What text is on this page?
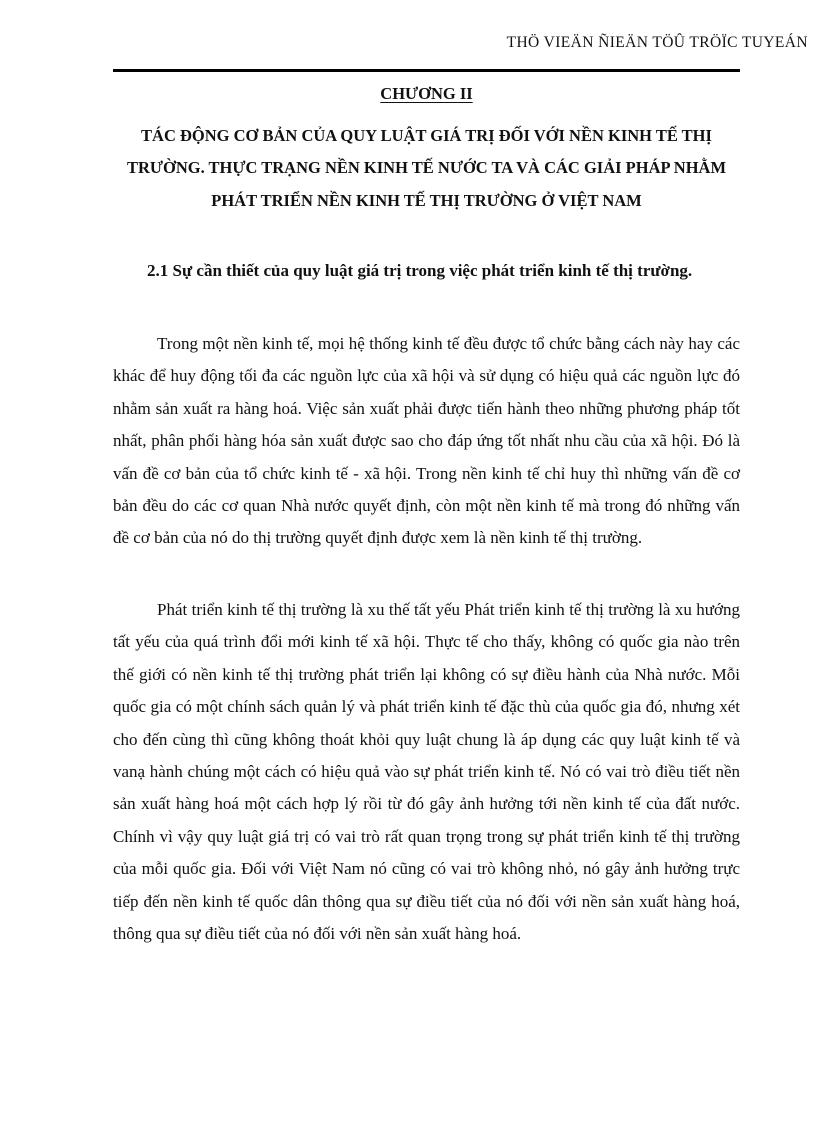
THÖ VIEÄN ÑIEÄN TÖÛ TRÖÏC TUYEÁN
CHƯƠNG II
TÁC ĐỘNG CƠ BẢN CỦA QUY LUẬT GIÁ TRỊ ĐỐI VỚI NỀN KINH TẾ THỊ TRƯỜNG. THỰC TRẠNG NỀN KINH TẾ NƯỚC TA VÀ CÁC GIẢI PHÁP NHẰM PHÁT TRIỂN NỀN KINH TẾ THỊ TRƯỜNG Ở VIỆT NAM

2.1 Sự cần thiết của quy luật giá trị trong việc phát triển kinh tế thị trường.

Trong một nền kinh tế, mọi hệ thống kinh tế đều được tổ chức bằng cách này hay các khác để huy động tối đa các nguồn lực của xã hội và sử dụng có hiệu quả các nguồn lực đó nhằm sản xuất ra hàng hoá. Việc sản xuất phải được tiến hành theo những phương pháp tốt nhất, phân phối hàng hóa sản xuất được sao cho đáp ứng tốt nhất nhu cầu của xã hội. Đó là vấn đề cơ bản của tổ chức kinh tế - xã hội. Trong nền kinh tế chỉ huy thì những vấn đề cơ bản đều do các cơ quan Nhà nước quyết định, còn một nền kinh tế mà trong đó những vấn đề cơ bản của nó do thị trường quyết định được xem là nền kinh tế thị trường.

Phát triển kinh tế thị trường là xu thế tất yếu Phát triển kinh tế thị trường là xu hướng tất yếu của quá trình đổi mới kinh tế xã hội. Thực tế cho thấy, không có quốc gia nào trên thế giới có nền kinh tế thị trường phát triển lại không có sự điều hành của Nhà nước. Mỗi quốc gia có một chính sách quản lý và phát triển kinh tế đặc thù của quốc gia đó, nhưng xét cho đến cùng thì cũng không thoát khỏi quy luật chung là áp dụng các quy luật kinh tế và vanạ hành chúng một cách có hiệu quả vào sự phát triển kinh tế. Nó có vai trò điều tiết nền sản xuất hàng hoá một cách hợp lý rồi từ đó gây ảnh hưởng tới nền kinh tế của đất nước. Chính vì vậy quy luật giá trị có vai trò rất quan trọng trong sự phát triển kinh tế thị trường của mỗi quốc gia. Đối với Việt Nam nó cũng có vai trò không nhỏ, nó gây ảnh hưởng trực tiếp đến nền kinh tế quốc dân thông qua sự điều tiết của nó đối với nền sản xuất hàng hoá, thông qua sự điều tiết của nó đối với nền sản xuất hàng hoá.
